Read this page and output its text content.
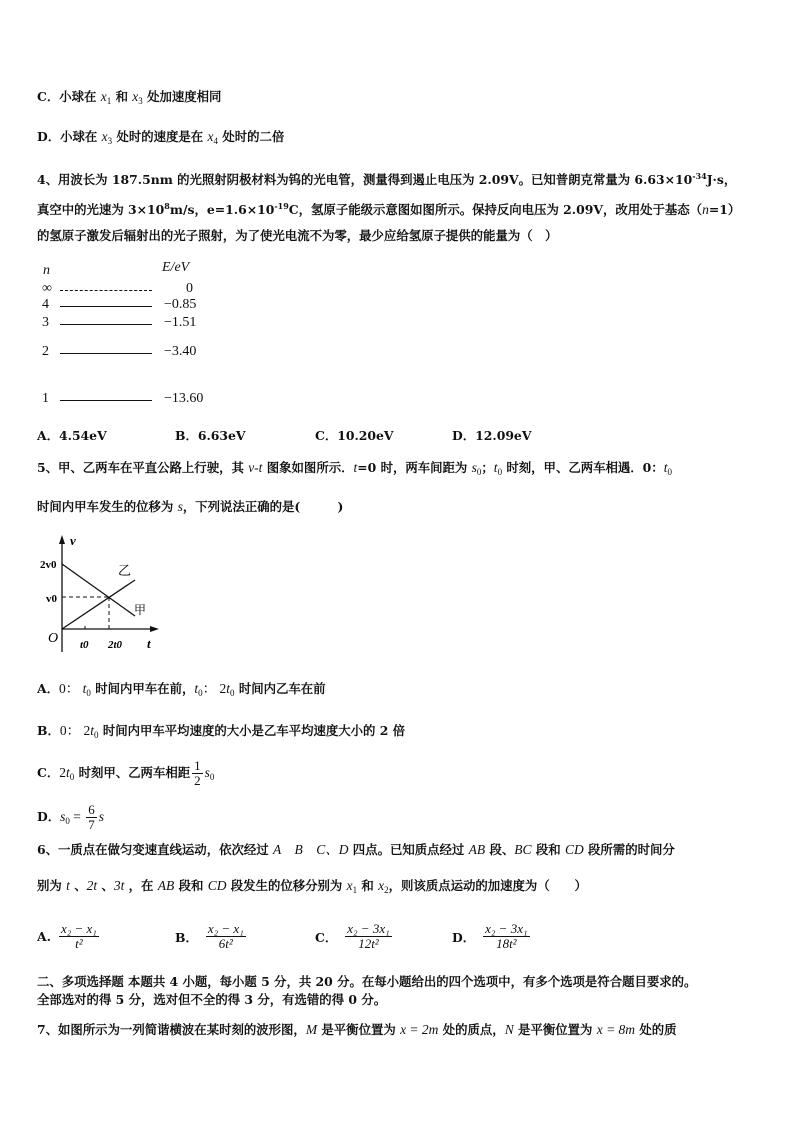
C．小球在 $x_1$ 和 $x_3$ 处加速度相同
D．小球在 $x_3$ 处时的速度是在 $x_4$ 处时的二倍
4、用波长为 187.5nm 的光照射阴极材料为钨的光电管，测量得到遏止电压为 2.09V。已知普朗克常量为 $6.63\times 10^{-34}J\cdot s$，
真空中的光速为 $3\times 10^8m/s$，$e=1.6\times 10^{-19}C$，氢原子能级示意图如图所示。保持反向电压为 2.09V，改用处于基态（n=1）
的氢原子激发后辐射出的光子照射，为了使光电流不为零，最少应给氢原子提供的能量为（　）
5、甲、乙两车在平直公路上行驶，其 v-t 图象如图所示．t=0 时，两车间距为 $s_0$；$t_0$ 时刻，甲、乙两车相遇．0：$t_0$
时间内甲车发生的位移为 s，下列说法正确的是(　　　)
A．0： $t_0$ 时间内甲车在前，$t_0$： $2t_0$ 时间内乙车在前
B．0： $2t_0$ 时间内甲车平均速度的大小是乙车平均速度大小的 2 倍
C．$2t_0$ 时刻甲、乙两车相距 $\frac{1}{2} s_0$
D．$s_0 = \frac{6}{7}$ s
6、一质点在做匀变速直线运动，依次经过 A　B　C、D 四点。已知质点经过 AB 段、BC 段和 CD 段所需的时间分
别为 t 、2t 、3t ，在 AB 段和 CD 段发生的位移分别为 $x_1$ 和 $x_2$，则该质点运动的加速度为（　　）
二、多项选择题 本题共 4 小题，每小题 5 分，共 20 分。在每小题给出的四个选项中，有多个选项是符合题目要求的。
全部选对的得 5 分，选对但不全的得 3 分，有选错的得 0 分。
7、如图所示为一列简谐横波在某时刻的波形图，M 是平衡位置为 x = 2m 处的质点，N 是平衡位置为 x = 8m 处的质
n	E/eV
∞	0
4	−0.85
3	−1.51
2	−3.40
1	−13.60
A．4.54eV	B．6.63eV	C．10.20eV	D．12.09eV
v
t
O
2v0
v0
t0 2t0
乙
甲
A. $\frac{\text{x₂ − x₁}}{\text{t²}}$	B． $\frac{\text{x₂ − x₁}}{\text{6t²}}$	C． $\frac{\text{x₂ − 3x₁}}{\text{12t²}}$	D． $\frac{\text{x₂ − 3x₁}}{\text{18t²}}$
